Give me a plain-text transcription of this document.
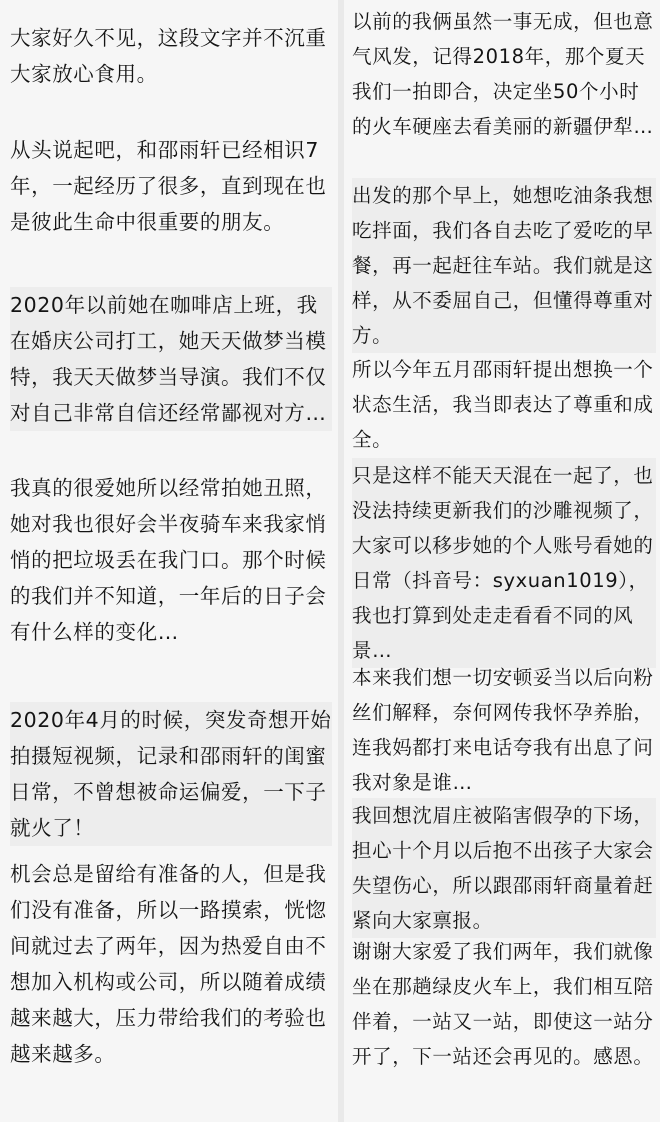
大家好久不见，这段文字并不沉重大家放心食用。

从头说起吧，和邵雨轩已经相识7年，一起经历了很多，直到现在也是彼此生命中很重要的朋友。

2020年以前她在咖啡店上班，我在婚庆公司打工，她天天做梦当模特，我天天做梦当导演。我们不仅对自己非常自信还经常鄙视对方…

我真的很爱她所以经常拍她丑照，她对我也很好会半夜骑车来我家悄悄的把垃圾丢在我门口。那个时候的我们并不知道，一年后的日子会有什么样的变化…

2020年4月的时候，突发奇想开始拍摄短视频，记录和邵雨轩的闺蜜日常，不曾想被命运偏爱，一下子就火了！

机会总是留给有准备的人，但是我们没有准备，所以一路摸索，恍惚间就过去了两年，因为热爱自由不想加入机构或公司，所以随着成绩越来越大，压力带给我们的考验也越来越多。

以前的我俩虽然一事无成，但也意气风发，记得2018年，那个夏天我们一拍即合，决定坐50个小时的火车硬座去看美丽的新疆伊犁…

出发的那个早上，她想吃油条我想吃拌面，我们各自去吃了爱吃的早餐，再一起赶往车站。我们就是这样，从不委屈自己，但懂得尊重对方。

所以今年五月邵雨轩提出想换一个状态生活，我当即表达了尊重和成全。

只是这样不能天天混在一起了，也没法持续更新我们的沙雕视频了，大家可以移步她的个人账号看她的日常（抖音号：syxuan1019），我也打算到处走走看看不同的风景…

本来我们想一切安顿妥当以后向粉丝们解释，奈何网传我怀孕养胎，连我妈都打来电话夸我有出息了问我对象是谁…

我回想沈眉庄被陷害假孕的下场，担心十个月以后抱不出孩子大家会失望伤心，所以跟邵雨轩商量着赶紧向大家禀报。

谢谢大家爱了我们两年，我们就像坐在那趟绿皮火车上，我们相互陪伴着，一站又一站，即使这一站分开了，下一站还会再见的。感恩。
